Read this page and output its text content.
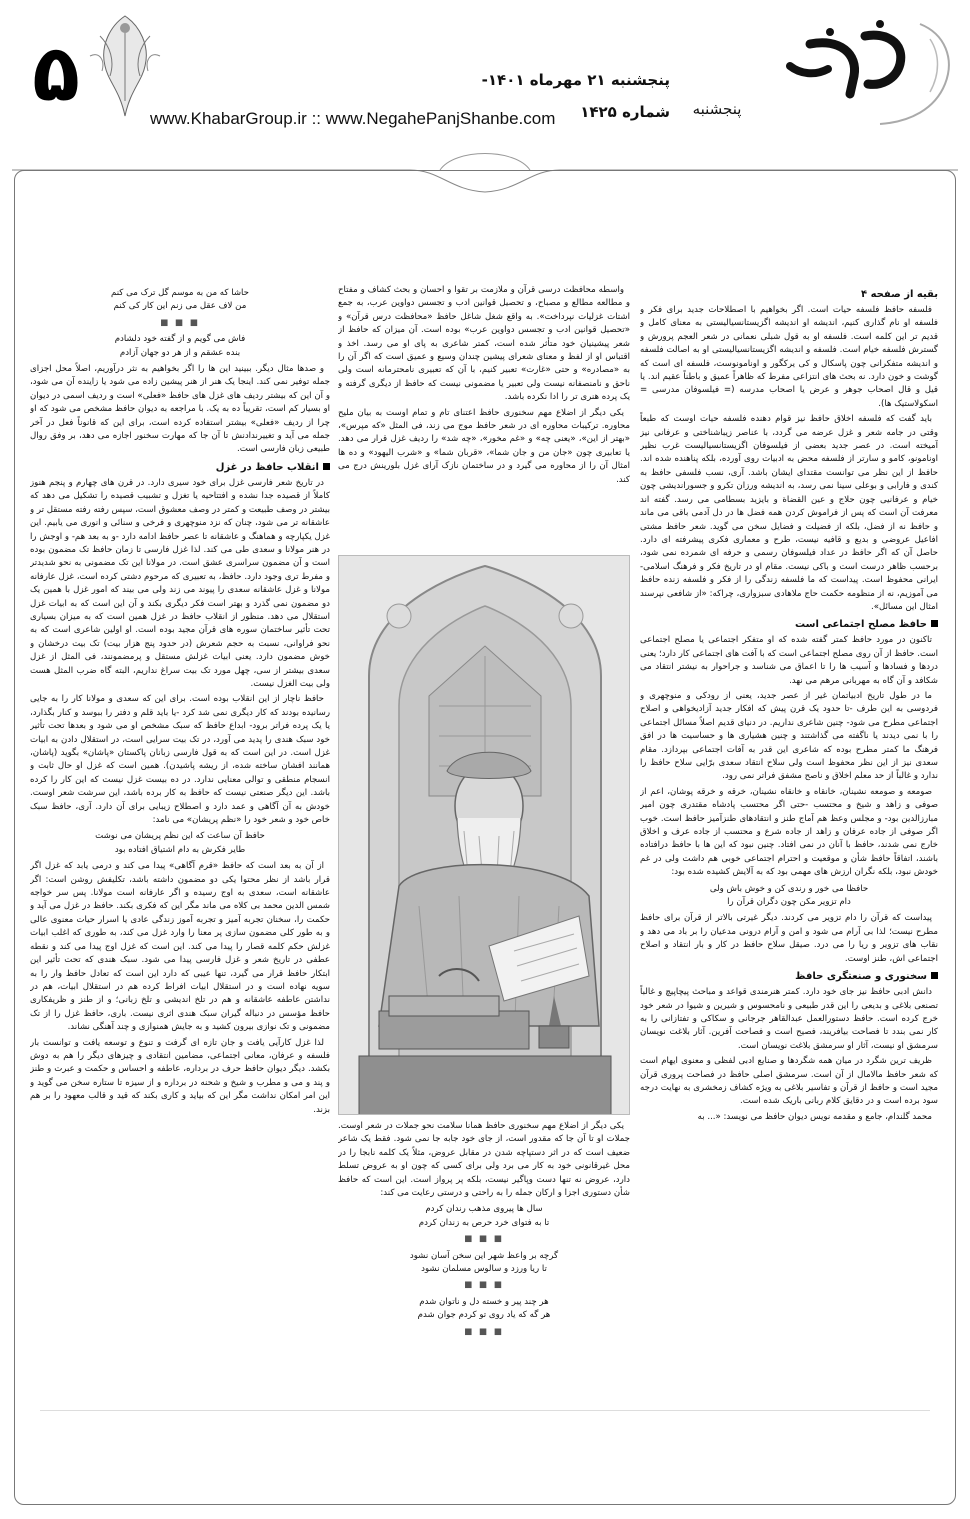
۵	پنجشنبه ۲۱ مهرماه ۱۴۰۱- شماره ۱۴۲۵
www.KhabarGroup.ir :: www.NegahePanjShanbe.com	پنجشنبه
بقیه از صفحه ۴

فلسفه حافظ فلسفه حیات است. اگر بخواهیم با اصطلاحات جدید برای فکر و فلسفه او نام گذاری کنیم، اندیشه او اندیشه اگزیستانسیالیستی به معنای کامل و قدیم تر این کلمه است. فلسفه او به قول شبلی نعمانی در شعر العجم پرورش و گسترش فلسفه خیام است. فلسفه و اندیشه اگزیستانسیالیستی او به اصالت فلسفه و اندیشه متفکرانی چون پاسکال و کی یرکگور و اونامونوست، فلسفه ای است که گوشت و خون دارد. نه بحث های انتزاعی مفرط که ظاهراً عمیق و باطناً عقیم اند. یا قیل و قال اصحاب جوهر و عرض یا اصحاب مدرسه (= فیلسوفان مدرسی = اسکولاستیک ها).

باید گفت که فلسفه اخلاق حافظ نیز قوام دهنده فلسفه حیات اوست که طبعاً وقتی در جامه شعر و غزل عرضه می گردد، با عناصر زیباشناختی و عرفانی نیز آمیخته است. در عصر جدید بعضی از فیلسوفان اگزیستانسیالیست غرب نظیر اونامونو، کامو و سارتر از فلسفه محض به ادبیات روی آورده، بلکه پناهنده شده اند. حافظ از این نظر می توانست مقتدای ایشان باشد. آری، نسب فلسفی حافظ به کندی و فارابی و بوعلی سینا نمی رسد، به اندیشه ورزان تکرو و جسوراندیشی چون خیام و عرفانیی چون حلاج و عین القضاة و بایزید بسطامی می رسد. گفته اند معرفت آن است که پس از فراموش کردن همه فضل ها در دل آدمی باقی می ماند و حافظ نه از فضل، بلکه از فضیلت و فضایل سخن می گوید. شعر حافظ مشتی افاعیل عروضی و بدیع و قافیه نیست، طرح و معماری فکری پیشرفته ای دارد. حاصل آن که اگر حافظ در عداد فیلسوفان رسمی و حرفه ای شمرده نمی شود، برحسب ظاهر درست است و باکی نیست. مقام او در تاریخ فکر و فرهنگ اسلامی- ایرانی محفوظ است. پیداست که ما فلسفه زندگی را از فکر و فلسفه زنده حافظ می آموزیم، نه از منظومه حکمت حاج ملاهادی سبزواری، چراکه: «از شافعی نپرسند امثال این مسائل».

حافظ مصلح اجتماعی است

تاکنون در مورد حافظ کمتر گفته شده که او متفکر اجتماعی یا مصلح اجتماعی است. حافظ از آن روی مصلح اجتماعی است که با آفت های اجتماعی کار دارد؛ یعنی دردها و فسادها و آسیب ها را تا اعماق می شناسد و جراحوار به نیشتر انتقاد می شکافد و آن گاه به مهربانی مرهم می نهد.

ما در طول تاریخ ادبیاتمان غیر از عصر جدید، یعنی از رودکی و منوچهری و فردوسی به این طرف -تا حدود یک قرن پیش که افکار جدید آزادیخواهی و اصلاح اجتماعی مطرح می شود- چنین شاعری نداریم. در دنیای قدیم اصلاً مسائل اجتماعی را با نمی دیدند یا ناگفته می گذاشتند و چنین هشیاری ها و حساسیت ها در افق فرهنگ ما کمتر مطرح بوده که شاعری این قدر به آفات اجتماعی بپردازد. مقام سعدی نیز از این نظر محفوظ است ولی سلاح انتقاد سعدی برّایی سلاح حافظ را ندارد و غالباً از حد معلم اخلاق و ناصح مشفق فراتر نمی رود.

صومعه و صومعه نشینان، خانقاه و خانقاه نشینان، خرقه و خرقه پوشان، اعم از صوفی و زاهد و شیخ و محتسب -حتی اگر محتسب پادشاه مقتدری چون امیر مبارزالدین بود- و مجلس وعظ هم آماج طنز و انتقادهای طنزآمیز حافظ است. خوب اگر صوفی از جاده عرفان و زاهد از جاده شرع و محتسب از جاده عرف و اخلاق خارج نمی شدند، حافظ با آنان در نمی افتاد. چنین نبود که این ها با حافظ درافتاده باشند، اتفاقاً حافظ شأن و موقعیت و احترام اجتماعی خوبی هم داشت ولی در غم خودش نبود، بلکه نگران ارزش های مهمی بود که به آلایش کشیده شده بود:

حافظا می خور و رندی کن و خوش باش ولی
دام تزویر مکن چون دگران قرآن را

پیداست که قرآن را دام تزویر می کردند. دیگر غیرتی بالاتر از قرآن برای حافظ مطرح نیست؛ لذا بی آرام می شود و امن و آرام درونی مدعیان را بر باد می دهد و نقاب های تزویر و ریا را می درد. صیقل سلاح حافظ در کار و بار انتقاد و اصلاح اجتماعی اش، طنز اوست.

سخنوری و صنعتگری حافظ

دانش ادبی حافظ نیز جای خود دارد. کمتر هنرمندی قواعد و مباحث پیچاپیچ و غالباً تصنعی بلاغی و بدیعی را این قدر طبیعی و نامحسوس و شیرین و شیوا در شعر خود خرج کرده است. حافظ دستورالعمل عبدالقاهر جرجانی و سکاکی و تفتازانی را به کار نمی بندد تا فصاحت بیافریند، فصیح است و فصاحت آفرین. آثار بلاغت نویسان سرمشق او نیست، آثار او سرمشق بلاغت نویسان است.

ظریف ترین شگرد در میان همه شگردها و صنایع ادبی لفظی و معنوی ایهام است که شعر حافظ مالامال از آن است. سرمشق اصلی حافظ در فصاحت پروری قرآن مجید است و حافظ از قرآن و تفاسیر بلاغی به ویژه کشاف زمخشری به نهایت درجه سود برده است و در دقایق کلام ربانی باریک شده است.

محمد گلندام، جامع و مقدمه نویس دیوان حافظ می نویسد: «... به

واسطه محافظت درسی قرآن و ملازمت بر تقوا و احسان و بحث کشاف و مفتاح و مطالعه مطالع و مصباح، و تحصیل قوانین ادب و تجسس دواوین عرب، به جمع اشتات غزلیات نپرداخت». به واقع شغل شاغل حافظ «محافظت درس قرآن» و «تحصیل قوانین ادب و تجسس دواوین عرب» بوده است. آن میزان که حافظ از شعر پیشینیان خود متأثر شده است، کمتر شاعری به پای او می رسد. اخذ و اقتباس او از لفظ و معنای شعرای پیشین چندان وسیع و عمیق است که اگر آن را به «مصادره» و حتی «غارت» تعبیر کنیم، با آن که تعبیری نامحترمانه است ولی ناحق و نامنصفانه نیست ولی تعبیر یا مضمونی نیست که حافظ از دیگری گرفته و یک پرده هنری تر را ادا نکرده باشد.

یکی دیگر از اضلاع مهم سخنوری حافظ اعتنای تام و تمام اوست به بیان ملیح محاوره. ترکیبات محاوره ای در شعر حافظ موج می زند، فی المثل «که مپرس»، «بهتر از این»، «یعنی چه» و «غم مخور»، «چه شد» را ردیف غزل قرار می دهد. یا تعابیری چون «جان من و جان شما»، «قربان شما» و «شرب الیهود» و ده ها امثال آن را از محاوره می گیرد و در ساختمان نازک آرای غزل بلورینش درج می کند.

یکی دیگر از اضلاع مهم سخنوری حافظ همانا سلامت نحو جملات در شعر اوست. جملات او تا آن جا که مقدور است، از جای خود جابه جا نمی شود. فقط یک شاعر ضعیف است که در اثر دستپاچه شدن در مقابل عروض، مثلاً یک کلمه نابجا را در محل غیرقانونی خود به کار می برد ولی برای کسی که چون او به عروض تسلط دارد، عروض نه تنها دست وپاگیر نیست، بلکه پر پرواز است. این است که حافظ شأن دستوری اجزا و ارکان جمله را به راحتی و درستی رعایت می کند:

سال ها پیروی مذهب رندان کردم
تا به فتوای خرد حرص به زندان کردم
■ ■ ■
گرچه بر واعظ شهر این سخن آسان نشود
تا ریا ورزد و سالوس مسلمان نشود
■ ■ ■
هر چند پیر و خسته دل و ناتوان شدم
هر گه که یاد روی تو کردم جوان شدم
■ ■ ■
حاشا که من به موسم گل ترک می کنم
من لاف عقل می زنم این کار کی کنم
■ ■ ■
فاش می گویم و از گفته خود دلشادم
بنده عشقم و از هر دو جهان آزادم

و صدها مثال دیگر. ببینید این ها را اگر بخواهیم به نثر درآوریم، اصلاً محل اجزای جمله توفیر نمی کند. اینجا یک هنر از هنر پیشین زاده می شود یا زاینده آن می شود، و آن این که بیشتر ردیف های غزل های حافظ «فعلی» است و ردیف اسمی در دیوان او بسیار کم است، تقریباً ده به یک. با مراجعه به دیوان حافظ مشخص می شود که او چرا از ردیف «فعلی» بیشتر استفاده کرده است، برای این که قانوناً فعل در آخر جمله می آید و تغییرندادنش تا آن جا که مهارت سخنور اجازه می دهد، بر وفق روال طبیعی زبان فارسی است.

انقلاب حافظ در غزل

در تاریخ شعر فارسی غزل برای خود سیری دارد. در قرن های چهارم و پنجم هنوز کاملاً از قصیده جدا نشده و افتتاحیه یا تغزل و تشبیب قصیده را تشکیل می دهد که بیشتر در وصف طبیعت و کمتر در وصف معشوق است، سپس رفته رفته مستقل تر و عاشقانه تر می شود، چنان که نزد منوچهری و فرخی و سنائی و انوری می یابیم. این غزل یکپارچه و هماهنگ و عاشقانه تا عصر حافظ ادامه دارد -و به بعد هم- و اوجش را در هنر مولانا و سعدی طی می کند. لذا غزل فارسی تا زمان حافظ تک مضمون بوده است و آن مضمون سراسری عشق است. در مولانا این تک مضمونی به نحو شدیدتر و مفرط تری وجود دارد. حافظ، به تعبیری که مرحوم دشتی کرده است، غزل عارفانه مولانا و غزل عاشقانه سعدی را پیوند می زند ولی می بیند که امور غزل با همین یک دو مضمون نمی گذرد و بهتر است فکر دیگری بکند و آن این است که به ابیات غزل استقلال می دهد. منظور از انقلاب حافظ در غزل همین است که به میزان بسیاری تحت تأثیر ساختمان سوره های قرآن مجید بوده است. او اولین شاعری است که به نحو فراوانی، نسبت به حجم شعرش (در حدود پنج هزار بیت) تک بیت درخشان و خوش مضمون دارد. یعنی ابیات غزلش مستقل و پرمضمونند، فی المثل از غزل سعدی بیشتر از سی، چهل مورد تک بیت سراغ نداریم، البته گاه ضرب المثل هست ولی بیت الغزل نیست.

حافظ ناچار از این انقلاب بوده است. برای این که سعدی و مولانا کار را به جایی رسانیده بودند که کار دیگری نمی شد کرد -یا باید قلم و دفتر را ببوسد و کنار بگذارد، یا یک پرده فراتر برود- ابداع حافظ که سبک مشخص او می شود و بعدها تحت تأثیر خود سبک هندی را پدید می آورد، در تک بیت سرایی است، در استقلال دادن به ابیات غزل است. در این است که به قول فارسی زبانان پاکستان «پاشان» بگوید (پاشان، همانند افشان ساخته شده، از ریشه پاشیدن). همین است که غزل او حال ثابت و انسجام منطقی و توالی معنایی ندارد. در ده بیست غزل نیست که این کار را کرده باشد. این دیگر صنعتی نیست که حافظ به کار برده باشد، این سرشت شعر اوست. خودش به آن آگاهی و عمد دارد و اصطلاح زیبایی برای آن دارد. آری، حافظ سبک خاص خود و شعر خود را «نظم پریشان» می نامد:

حافظ آن ساعت که این نظم پریشان می نوشت
طایر فکرش به دام اشتیاق افتاده بود

از آن به بعد است که حافظ «قرم آگاهی» پیدا می کند و درمی یابد که غزل اگر قرار باشد از نظر محتوا یکی دو مضمون داشته باشد، تکلیفش روشن است: اگر عاشقانه است، سعدی به اوج رسیده و اگر عارفانه است مولانا. پس سر خواجه شمس الدین محمد بی کلاه می ماند مگر این که فکری بکند. حافظ در غزل می آید و حکمت را، سخنان تجربه آمیز و تجربه آموز زندگی عادی یا اسرار حیات معنوی عالی و به طور کلی مضمون سازی پر معنا را وارد غزل می کند، به طوری که اغلب ابیات غزلش حکم کلمه قصار را پیدا می کند. این است که غزل اوج پیدا می کند و نقطه عطفی در تاریخ شعر و غزل فارسی پیدا می شود. سبک هندی که تحت تأثیر این ابتکار حافظ قرار می گیرد، تنها عیبی که دارد این است که تعادل حافظ وار را به سویه نهاده است و در استقلال ابیات افراط کرده هم در استقلال ابیات، هم در نداشتن عاطفه عاشقانه و هم در تلخ اندیشی و تلخ زبانی؛ و از طنز و ظریفکاری حافظ مؤسس در دنباله گیران سبک هندی اثری نیست. باری، حافظ غزل را از تک مضمونی و تک نوازی بیرون کشید و به جایش همنوازی و چند آهنگی نشاند.

لذا غزل کارآیی یافت و جان تازه ای گرفت و تنوع و توسعه یافت و توانست بار فلسفه و عرفان، معانی اجتماعی، مضامین انتقادی و چیزهای دیگر را هم به دوش بکشد. دیگر دیوان حافظ حرف در برداره، عاطفه و احساس و حکمت و عبرت و طنز و پند و می و مطرب و شیخ و شحنه در برداره و از سیزه تا ستاره سخن می گوید و این امر امکان نداشت مگر این که بیاید و کاری بکند که قید و قالب معهود را بر هم بزند.
